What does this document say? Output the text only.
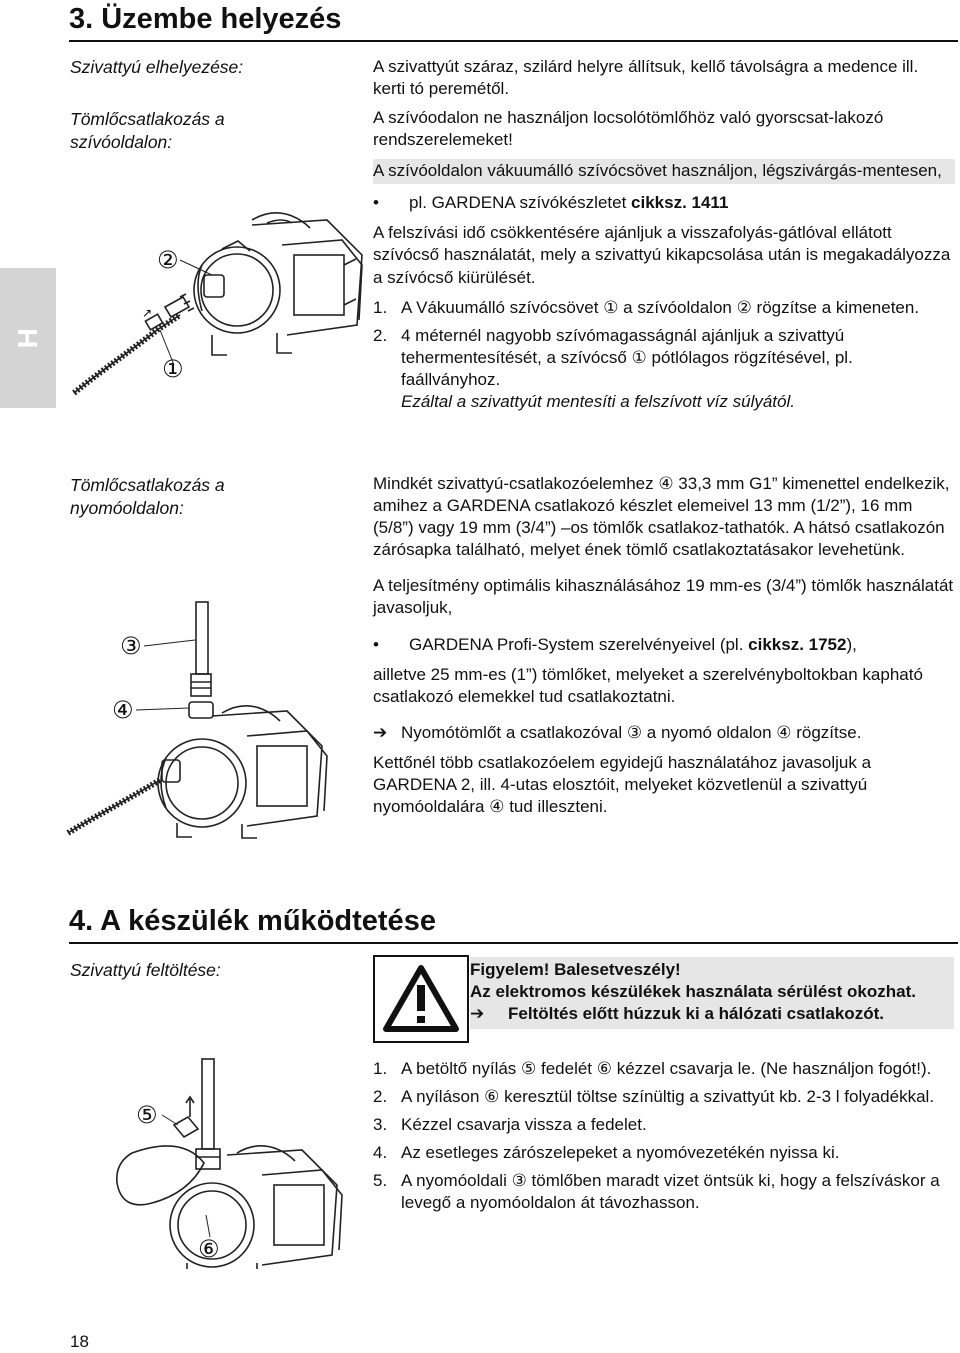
3. Üzembe helyezés
H
Szivattyú elhelyezése:
Tömlőcsatlakozás a
szívóoldalon:
Tömlőcsatlakozás a
nyomóoldalon:

A szivattyút száraz, szilárd helyre állítsuk, kellő távolságra a medence ill. kerti tó peremétől.

A szívóodalon ne használjon locsolótömlőhöz való gyorscsat-lakozó rendszerelemeket!

A szívóoldalon vákuumálló szívócsövet használjon, légszivárgás-mentesen,

•	pl. GARDENA szívókészletet cikksz. 1411

A felszívási idő csökkentésére ajánljuk a visszafolyás-gátlóval ellátott szívócső használatát, mely a szivattyú kikapcsolása után is megakadályozza a szívócső kiürülését.

1. A Vákuumálló szívócsövet ① a szívóoldalon ② rögzítse a kimeneten.
2. 4 méternél nagyobb szívómagasságnál ajánljuk a szivattyú tehermentesítését, a szívócső ① pótlólagos rögzítésével, pl. faállványhoz.
Ezáltal a szivattyút mentesíti a felszívott víz súlyától.

Mindkét szivattyú-csatlakozóelemhez ④ 33,3 mm G1” kimenettel endelkezik, amihez a GARDENA csatlakozó készlet elemeivel 13 mm (1/2”), 16 mm (5/8”) vagy 19 mm (3/4”) –os tömlők csatlakoz-tathatók. A hátsó csatlakozón zárósapka található, melyet ének tömlő csatlakoztatásakor levehetünk.

A teljesítmény optimális kihasználásához 19 mm-es (3/4”) tömlők használatát javasoljuk,

•	GARDENA Profi-System szerelvényeivel (pl. cikksz. 1752),

ailletve 25 mm-es (1”) tömlőket, melyeket a szerelvényboltokban kapható csatlakozó elemekkel tud csatlakoztatni.

➔ Nyomótömlőt a csatlakozóval ③ a nyomó oldalon ④ rögzítse.

Kettőnél több csatlakozóelem egyidejű használatához javasoljuk a GARDENA 2, ill. 4-utas elosztóit, melyeket közvetlenül a szivattyú nyomóoldalára ④ tud illeszteni.

↗
②
①
③
④
4. A készülék működtetése
Szivattyú feltöltése:	Figyelem! Balesetveszély!
Az elektromos készülékek használata sérülést okozhat.
➔	Feltöltés előtt húzzuk ki a hálózati csatlakozót.
1. A betöltő nyílás ⑤ fedelét ⑥ kézzel csavarja le. (Ne használjon fogót!).
2. A nyíláson ⑥ keresztül töltse színültig a szivattyút kb. 2-3 l folyadékkal.
3. Kézzel csavarja vissza a fedelet.
4. Az esetleges zárószelepeket a nyomóvezetékén nyissa ki.
5. A nyomóoldali ③ tömlőben maradt vizet öntsük ki, hogy a felszíváskor a levegő a nyomóoldalon át távozhasson.
⑤
⑥
18
